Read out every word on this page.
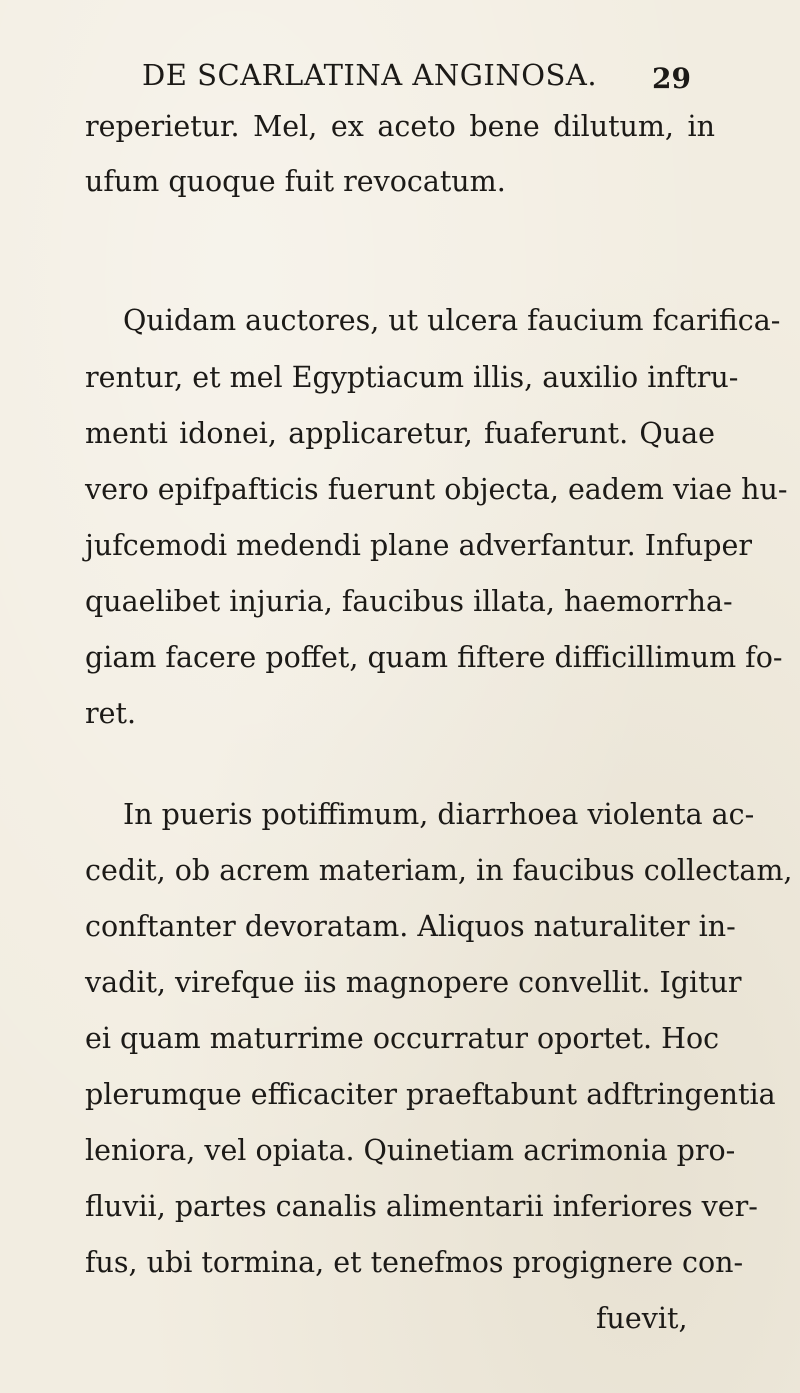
DE SCARLATINA ANGINOSA. 29
reperietur. Mel, ex aceto bene dilutum, in
ufum quoque fuit revocatum.
Quidam auctores, ut ulcera faucium fcarifica-
rentur, et mel Egyptiacum illis, auxilio inftru-
menti idonei, applicaretur, fuaferunt. Quae
vero epifpafticis fuerunt objecta, eadem viae hu-
jufcemodi medendi plane adverfantur. Infuper
quaelibet injuria, faucibus illata, haemorrha-
giam facere poffet, quam fiftere difficillimum fo-
ret.
In pueris potiffimum, diarrhoea violenta ac-
cedit, ob acrem materiam, in faucibus collectam,
conftanter devoratam. Aliquos naturaliter in-
vadit, virefque iis magnopere convellit. Igitur
ei quam maturrime occurratur oportet. Hoc
plerumque efficaciter praeftabunt adftringentia
leniora, vel opiata. Quinetiam acrimonia pro-
fluvii, partes canalis alimentarii inferiores ver-
fus, ubi tormina, et tenefmos progignere con-
fuevit,
